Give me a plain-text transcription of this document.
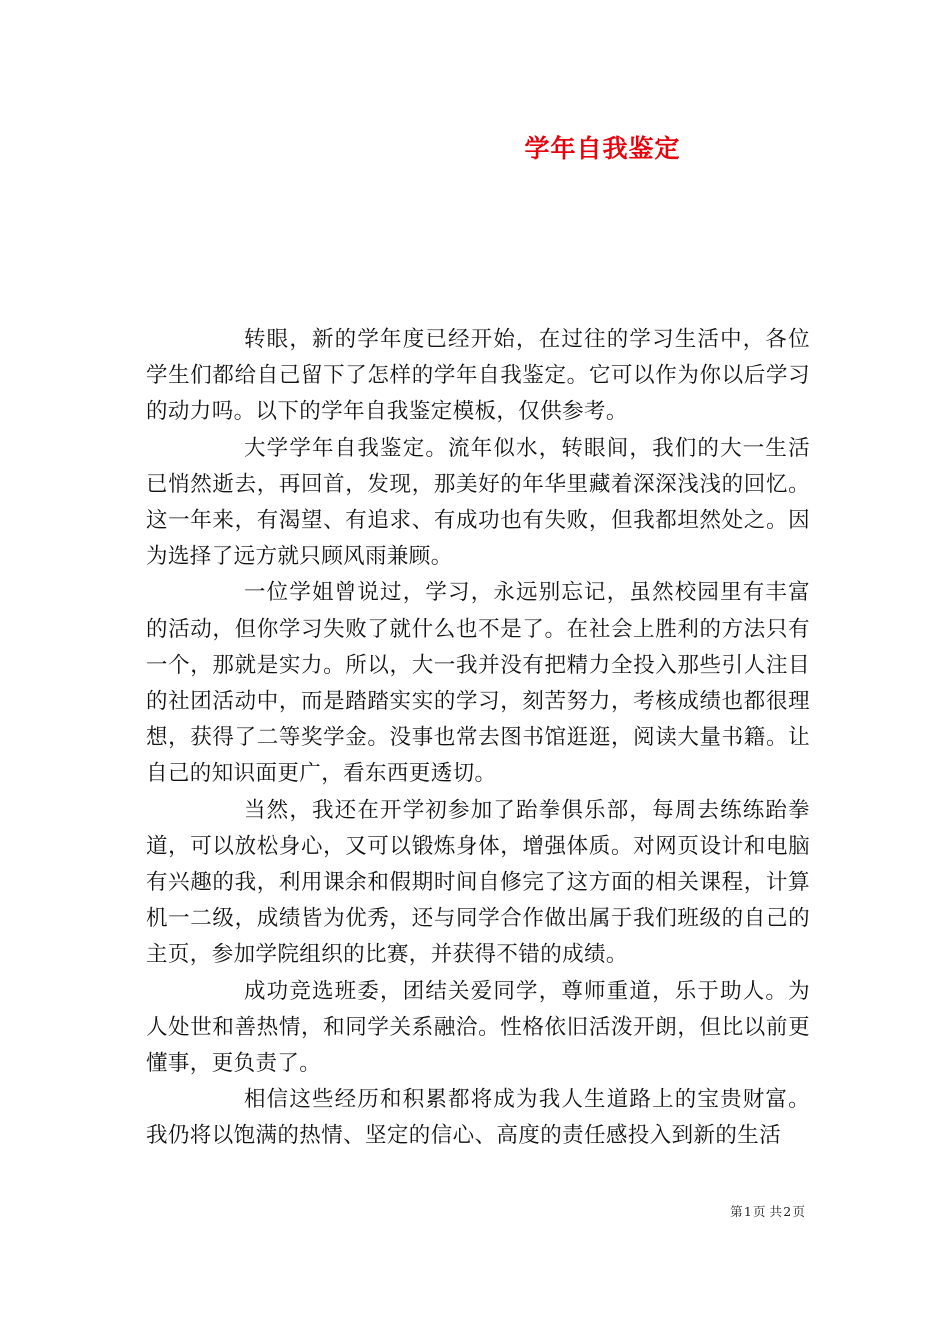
学年自我鉴定

转眼，新的学年度已经开始，在过往的学习生活中，各位学生们都给自己留下了怎样的学年自我鉴定。它可以作为你以后学习的动力吗。以下的学年自我鉴定模板，仅供参考。

大学学年自我鉴定。流年似水，转眼间，我们的大一生活已悄然逝去，再回首，发现，那美好的年华里藏着深深浅浅的回忆。这一年来，有渴望、有追求、有成功也有失败，但我都坦然处之。因为选择了远方就只顾风雨兼顾。

一位学姐曾说过，学习，永远别忘记，虽然校园里有丰富的活动，但你学习失败了就什么也不是了。在社会上胜利的方法只有一个，那就是实力。所以，大一我并没有把精力全投入那些引人注目的社团活动中，而是踏踏实实的学习，刻苦努力，考核成绩也都很理想，获得了二等奖学金。没事也常去图书馆逛逛，阅读大量书籍。让自己的知识面更广，看东西更透切。

当然，我还在开学初参加了跆拳俱乐部，每周去练练跆拳道，可以放松身心，又可以锻炼身体，增强体质。对网页设计和电脑有兴趣的我，利用课余和假期时间自修完了这方面的相关课程，计算机一二级，成绩皆为优秀，还与同学合作做出属于我们班级的自己的主页，参加学院组织的比赛，并获得不错的成绩。

成功竞选班委，团结关爱同学，尊师重道，乐于助人。为人处世和善热情，和同学关系融洽。性格依旧活泼开朗，但比以前更懂事，更负责了。

相信这些经历和积累都将成为我人生道路上的宝贵财富。我仍将以饱满的热情、坚定的信心、高度的责任感投入到新的生活

第 1 页 共 2 页
